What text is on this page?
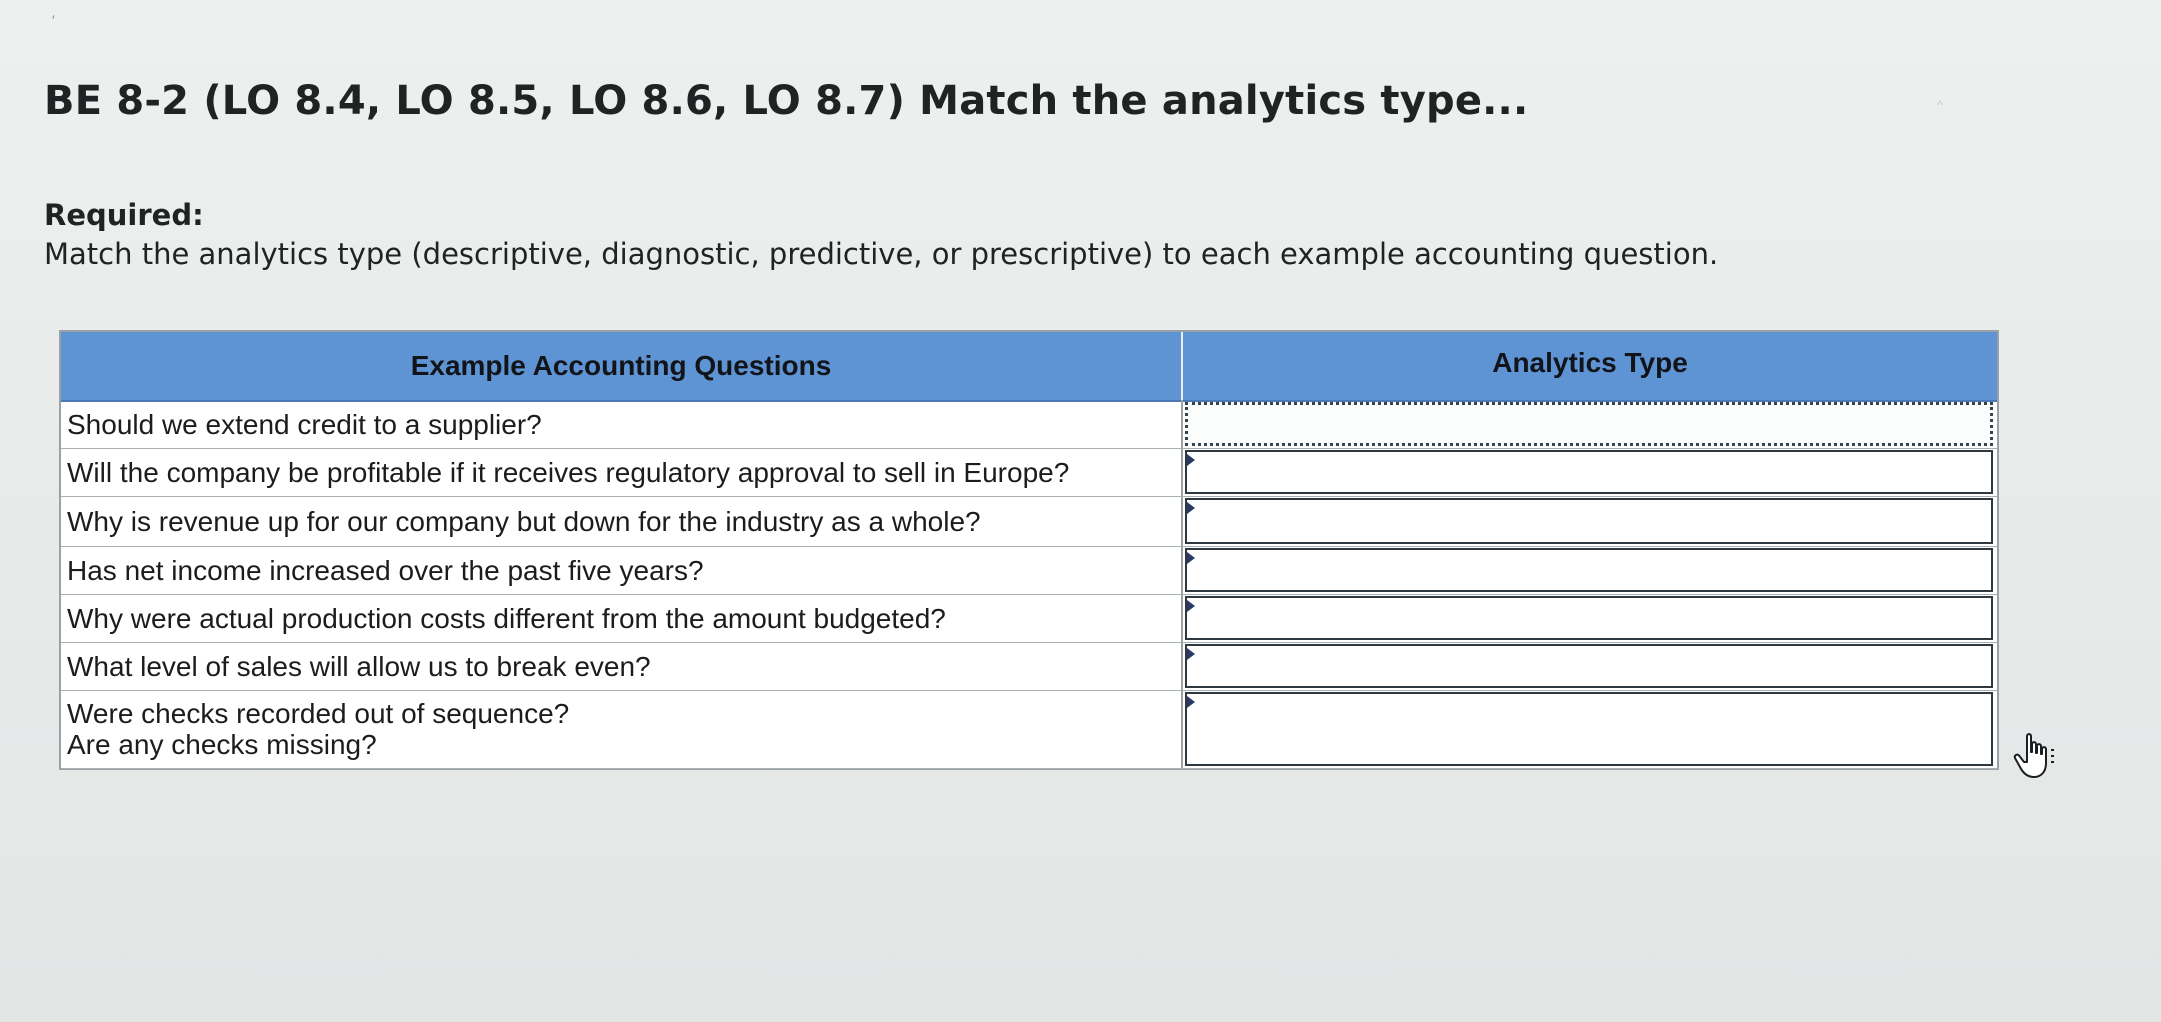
′
^
BE 8-2 (LO 8.4, LO 8.5, LO 8.6, LO 8.7) Match the analytics type...
Required:
Match the analytics type (descriptive, diagnostic, predictive, or prescriptive) to each example accounting question.
Example Accounting Questions	Analytics Type
Should we extend credit to a supplier?
Will the company be profitable if it receives regulatory approval to sell in Europe?
Why is revenue up for our company but down for the industry as a whole?
Has net income increased over the past five years?
Why were actual production costs different from the amount budgeted?
What level of sales will allow us to break even?
Were checks recorded out of sequence?
Are any checks missing?
